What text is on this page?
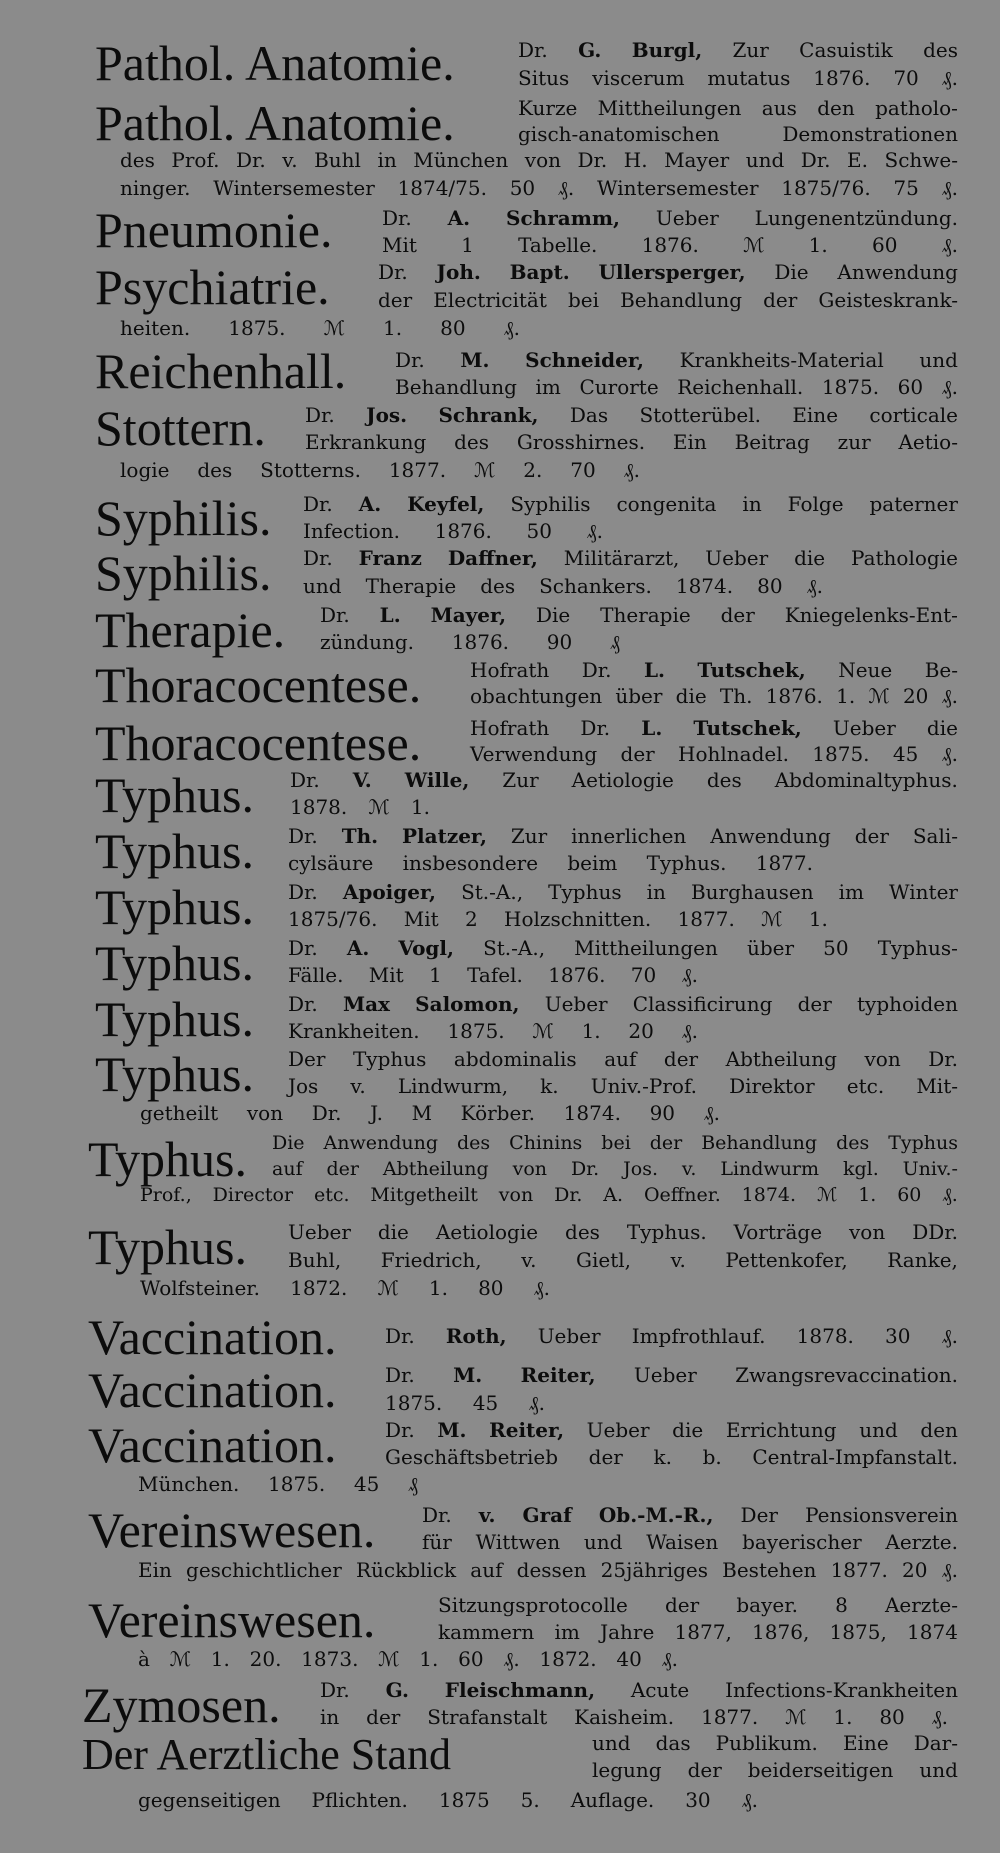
Pathol. Anatomie.	Dr. G. Burgl, Zur Casuistik des
Situs viscerum mutatus 1876. 70 ₰.
Pathol. Anatomie.	Kurze Mittheilungen aus den patholo-
gisch-anatomischen	Demonstrationen
des Prof. Dr. v. Buhl in München von Dr. H. Mayer und Dr. E. Schwe-
ninger. Wintersemester 1874/75. 50 ₰. Wintersemester 1875/76. 75 ₰.
Pneumonie. Dr. A. Schramm, Ueber Lungenentzündung.
Mit 1 Tabelle. 1876. ℳ 1. 60 ₰.
Psychiatrie. Dr. Joh. Bapt. Ullersperger, Die Anwendung
der Electricität bei Behandlung der Geisteskrank-
heiten. 1875. ℳ 1. 80 ₰.
Reichenhall. Dr. M. Schneider, Krankheits-Material und
Behandlung im Curorte Reichenhall. 1875. 60 ₰.
Stottern. Dr. Jos. Schrank, Das Stotterübel. Eine corticale
Erkrankung des Grosshirnes. Ein Beitrag zur Aetio-
logie des Stotterns. 1877. ℳ 2. 70 ₰.
Syphilis. Dr. A. Keyfel, Syphilis congenita in Folge paterner
Infection. 1876. 50 ₰.
Syphilis. Dr. Franz Daffner, Militärarzt, Ueber die Pathologie
und Therapie des Schankers. 1874. 80 ₰.
Therapie. Dr. L. Mayer, Die Therapie der Kniegelenks-Ent-
zündung. 1876. 90 ₰
Thoracocentese. Hofrath Dr. L. Tutschek, Neue Be-
obachtungen über die Th. 1876. 1. ℳ 20 ₰.
Thoracocentese. Hofrath Dr. L. Tutschek, Ueber die
Verwendung der Hohlnadel. 1875. 45 ₰.
Typhus. Dr. V. Wille, Zur Aetiologie des Abdominaltyphus.
1878. ℳ 1.
Typhus. Dr. Th. Platzer, Zur innerlichen Anwendung der Sali-
cylsäure insbesondere beim Typhus. 1877.
Typhus. Dr. Apoiger, St.-A., Typhus in Burghausen im Winter
1875/76. Mit 2 Holzschnitten. 1877. ℳ 1.
Typhus. Dr. A. Vogl, St.-A., Mittheilungen über 50 Typhus-
Fälle. Mit 1 Tafel. 1876. 70 ₰.
Typhus. Dr. Max Salomon, Ueber Classificirung der typhoiden
Krankheiten. 1875. ℳ 1. 20 ₰.
Typhus. Der Typhus abdominalis auf der Abtheilung von Dr.
Jos v. Lindwurm, k. Univ.-Prof. Direktor etc. Mit-
getheilt von Dr. J. M Körber. 1874. 90 ₰.
Typhus. Die Anwendung des Chinins bei der Behandlung des Typhus
auf der Abtheilung von Dr. Jos. v. Lindwurm kgl. Univ.-
Prof., Director etc. Mitgetheilt von Dr. A. Oeffner. 1874. ℳ 1. 60 ₰.
Typhus. Ueber die Aetiologie des Typhus. Vorträge von DDr.
Buhl, Friedrich, v. Gietl, v. Pettenkofer, Ranke,
Wolfsteiner. 1872. ℳ 1. 80 ₰.
Vaccination. Dr. Roth, Ueber Impfrothlauf. 1878. 30 ₰.
Vaccination. Dr. M. Reiter, Ueber Zwangsrevaccination.
1875. 45 ₰.
Vaccination. Dr. M. Reiter, Ueber die Errichtung und den
Geschäftsbetrieb der k. b. Central-Impfanstalt.
München. 1875. 45 ₰
Vereinswesen. Dr. v. Graf Ob.-M.-R., Der Pensionsverein
für Wittwen und Waisen bayerischer Aerzte.
Ein geschichtlicher Rückblick auf dessen 25jähriges Bestehen 1877. 20 ₰.
Vereinswesen.	Sitzungsprotocolle der bayer. 8 Aerzte-
kammern im Jahre 1877, 1876, 1875, 1874
à ℳ 1. 20. 1873. ℳ 1. 60 ₰. 1872. 40 ₰.
Zymosen. Dr. G. Fleischmann, Acute Infections-Krankheiten
in der Strafanstalt Kaisheim. 1877. ℳ 1. 80 ₰.
Der Aerztliche Stand	und das Publikum. Eine Dar-
legung der beiderseitigen und
gegenseitigen Pflichten. 1875 5. Auflage. 30 ₰.
